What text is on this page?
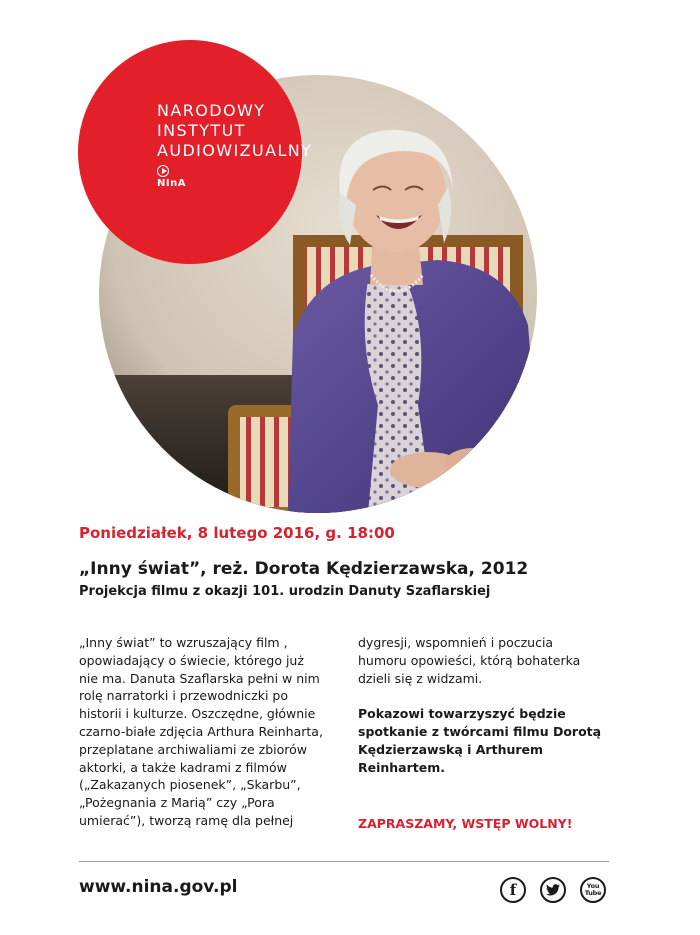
NARODOWY
INSTYTUT
AUDIOWIZUALNY
NInA
Poniedziałek, 8 lutego 2016, g. 18:00
„Inny świat”, reż. Dorota Kędzierzawska, 2012
Projekcja filmu z okazji 101. urodzin Danuty Szaflarskiej

„Inny świat” to wzruszający film ,

opowiadający o świecie, którego już

nie ma. Danuta Szaflarska pełni w nim

rolę narratorki i przewodniczki po

historii i kulturze. Oszczędne, głównie

czarno-białe zdjęcia Arthura Reinharta,

przeplatane archiwaliami ze zbiorów

aktorki, a także kadrami z filmów

(„Zakazanych piosenek”, „Skarbu”,

„Pożegnania z Marią” czy „Pora

umierać”), tworzą ramę dla pełnej

dygresji, wspomnień i poczucia

humoru opowieści, którą bohaterka

dzieli się z widzami.

Pokazowi towarzyszyć będzie

spotkanie z twórcami filmu Dorotą

Kędzierzawską i Arthurem

Reinhartem.

ZAPRASZAMY, WSTĘP WOLNY!
www.nina.gov.pl	f	You
Tube
